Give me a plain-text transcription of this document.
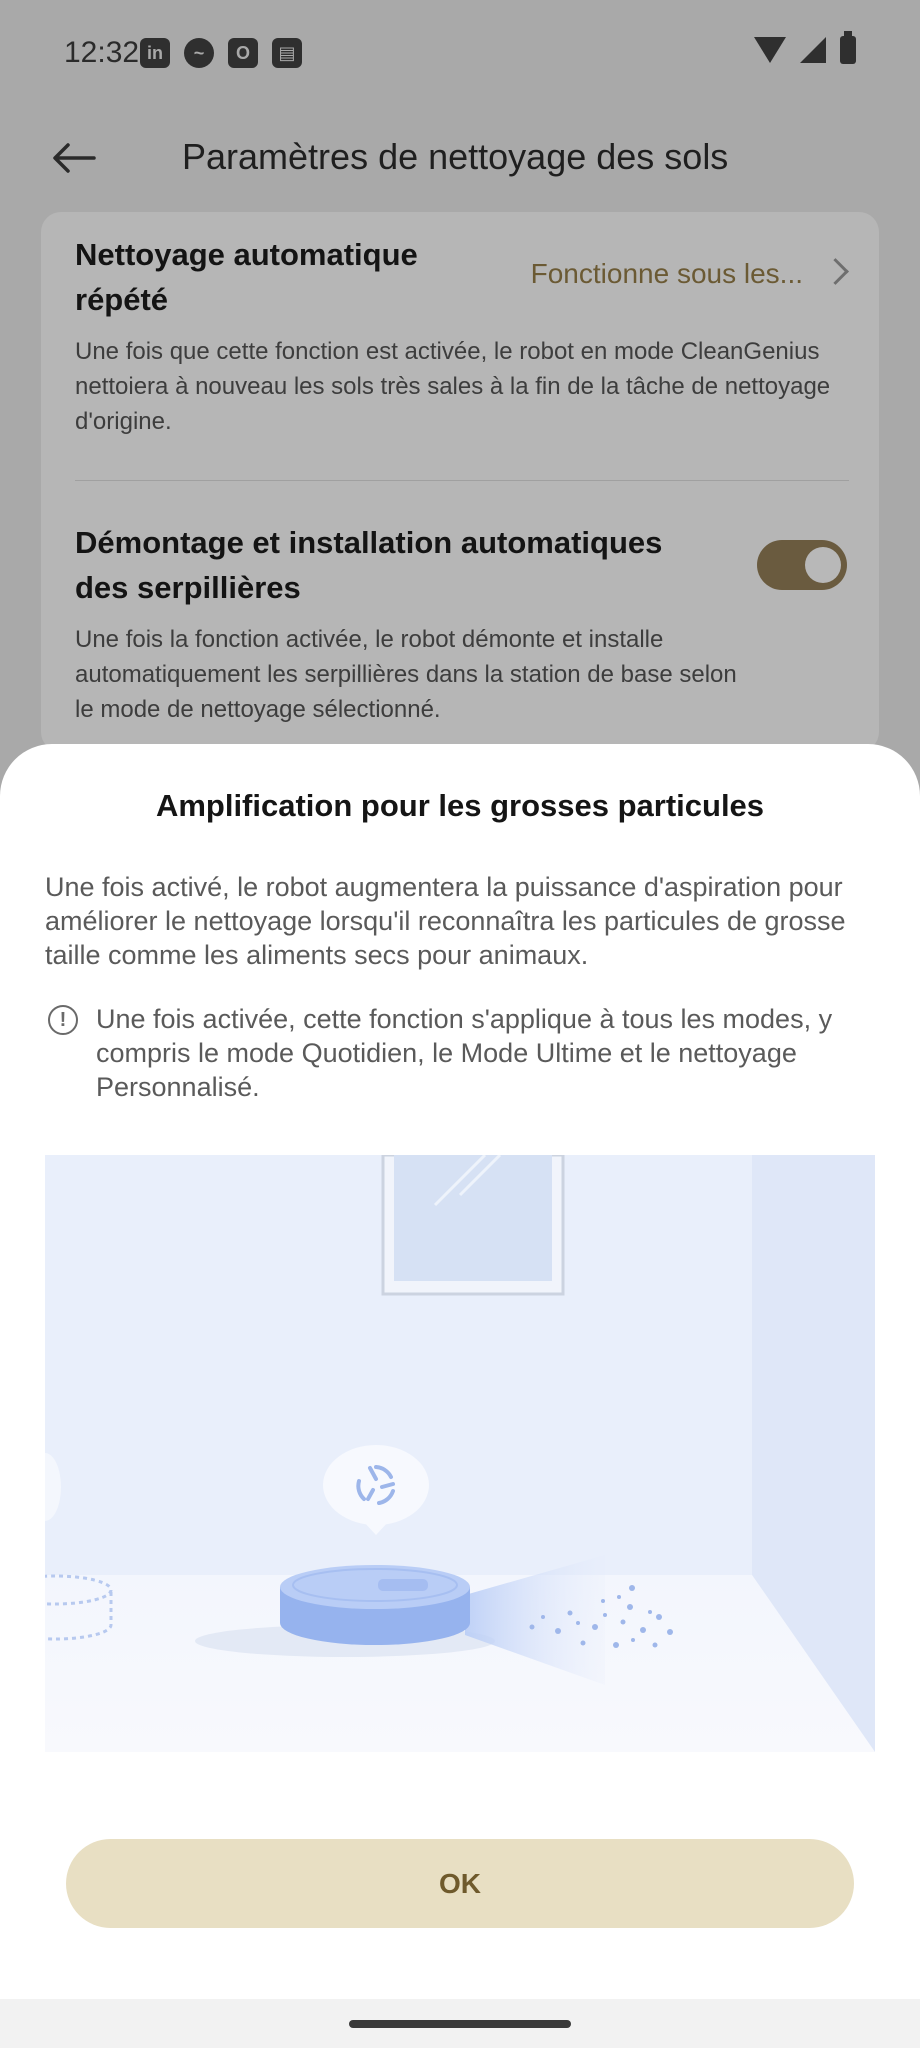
12:32 in	~	O	▤
Paramètres de nettoyage des sols
Nettoyage automatique
répété
Fonctionne sous les...
Une fois que cette fonction est activée, le robot en mode CleanGenius nettoiera à nouveau les sols très sales à la fin de la tâche de nettoyage d'origine.
Démontage et installation automatiques
des serpillières
Une fois la fonction activée, le robot démonte et installe
automatiquement les serpillières dans la station de base selon
le mode de nettoyage sélectionné.
Amplification pour les grosses particules
Une fois activé, le robot augmentera la puissance d'aspiration pour améliorer le nettoyage lorsqu'il reconnaîtra les particules de grosse taille comme les aliments secs pour animaux.
!	Une fois activée, cette fonction s'applique à tous les modes, y compris le mode Quotidien, le Mode Ultime et le nettoyage Personnalisé.
OK
